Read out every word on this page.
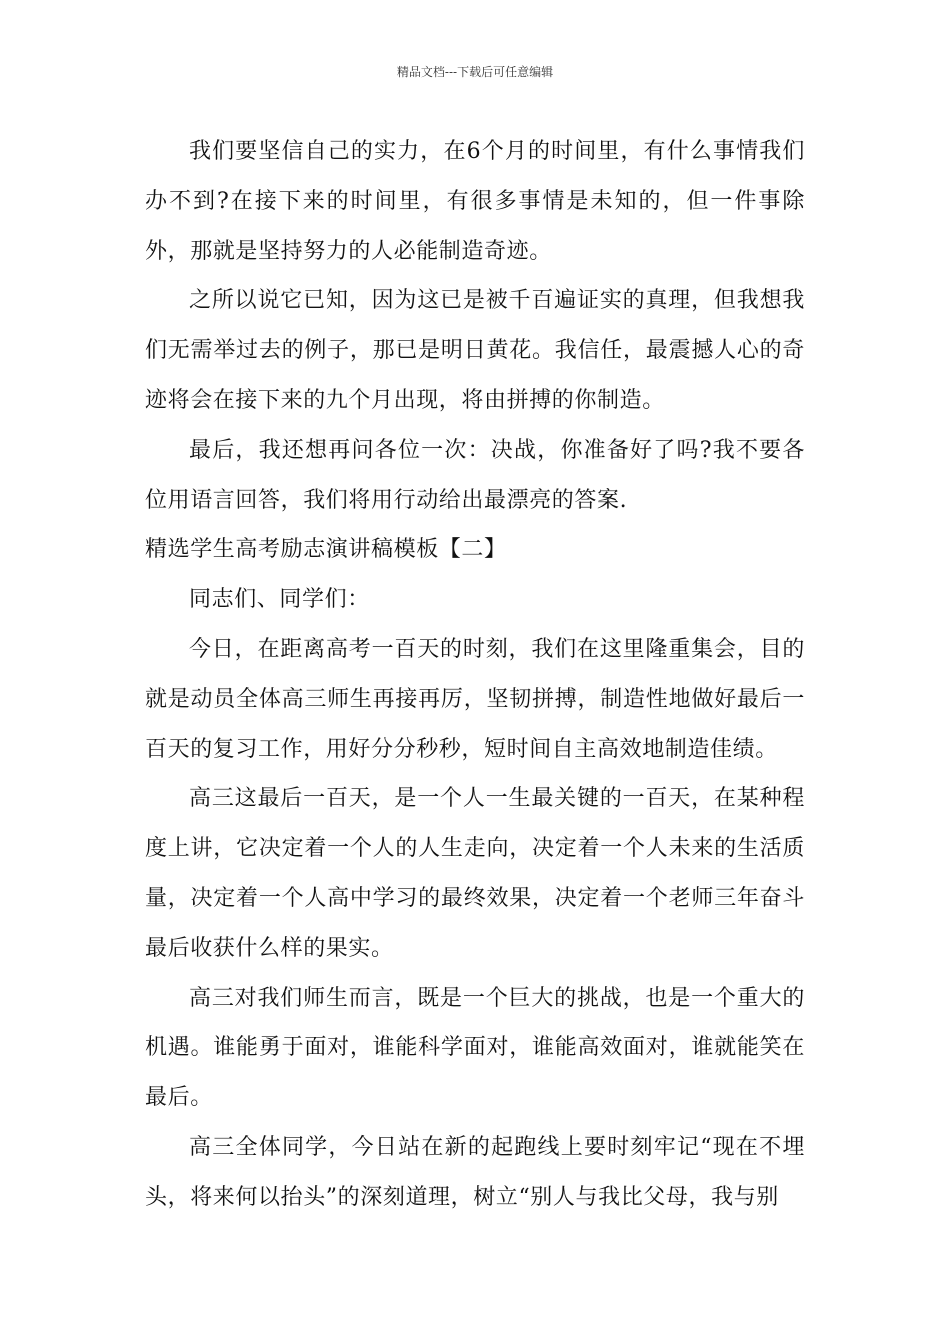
精品文档---下载后可任意编辑

我们要坚信自己的实力，在6个月的时间里，有什么事情我们办不到?在接下来的时间里，有很多事情是未知的，但一件事除外，那就是坚持努力的人必能制造奇迹。

之所以说它已知，因为这已是被千百遍证实的真理，但我想我们无需举过去的例子，那已是明日黄花。我信任，最震撼人心的奇迹将会在接下来的九个月出现，将由拼搏的你制造。

最后，我还想再问各位一次：决战，你准备好了吗?我不要各位用语言回答，我们将用行动给出最漂亮的答案.

精选学生高考励志演讲稿模板【二】

同志们、同学们：

今日，在距离高考一百天的时刻，我们在这里隆重集会，目的就是动员全体高三师生再接再厉，坚韧拼搏，制造性地做好最后一百天的复习工作，用好分分秒秒，短时间自主高效地制造佳绩。

高三这最后一百天，是一个人一生最关键的一百天，在某种程度上讲，它决定着一个人的人生走向，决定着一个人未来的生活质量，决定着一个人高中学习的最终效果，决定着一个老师三年奋斗最后收获什么样的果实。

高三对我们师生而言，既是一个巨大的挑战，也是一个重大的机遇。谁能勇于面对，谁能科学面对，谁能高效面对，谁就能笑在最后。

高三全体同学，今日站在新的起跑线上要时刻牢记“现在不埋头，将来何以抬头”的深刻道理，树立“别人与我比父母，我与别
